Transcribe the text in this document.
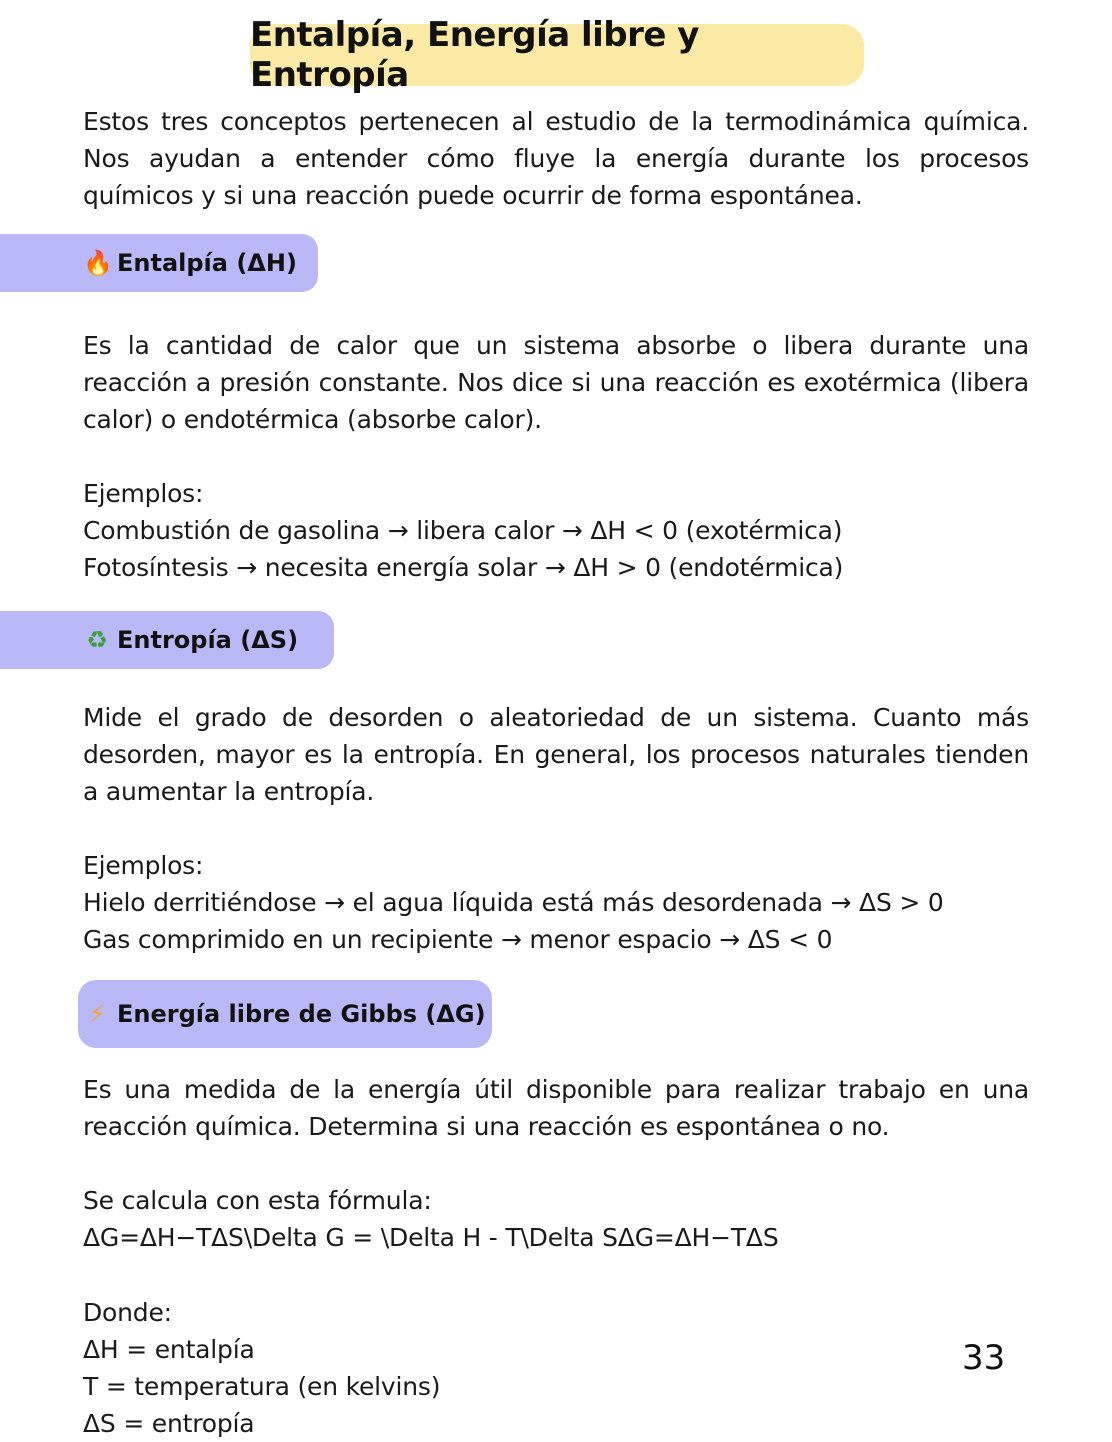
Entalpía, Energía libre y Entropía

Estos tres conceptos pertenecen al estudio de la termodinámica química. Nos ayudan a entender cómo fluye la energía durante los procesos químicos y si una reacción puede ocurrir de forma espontánea.

🔥 Entalpía (ΔH)

Es la cantidad de calor que un sistema absorbe o libera durante una reacción a presión constante. Nos dice si una reacción es exotérmica (libera calor) o endotérmica (absorbe calor).

Ejemplos:
Combustión de gasolina → libera calor → ΔH < 0 (exotérmica)
Fotosíntesis → necesita energía solar → ΔH > 0 (endotérmica)
♻ Entropía (ΔS)

Mide el grado de desorden o aleatoriedad de un sistema. Cuanto más desorden, mayor es la entropía. En general, los procesos naturales tienden a aumentar la entropía.

Ejemplos:
Hielo derritiéndose → el agua líquida está más desordenada → ΔS > 0
Gas comprimido en un recipiente → menor espacio → ΔS < 0
⚡ Energía libre de Gibbs (ΔG)

Es una medida de la energía útil disponible para realizar trabajo en una reacción química. Determina si una reacción es espontánea o no.

Se calcula con esta fórmula:
ΔG=ΔH−TΔS\Delta G = \Delta H - T\Delta SΔG=ΔH−TΔS
Donde:
ΔH = entalpía
T = temperatura (en kelvins)
ΔS = entropía
33
